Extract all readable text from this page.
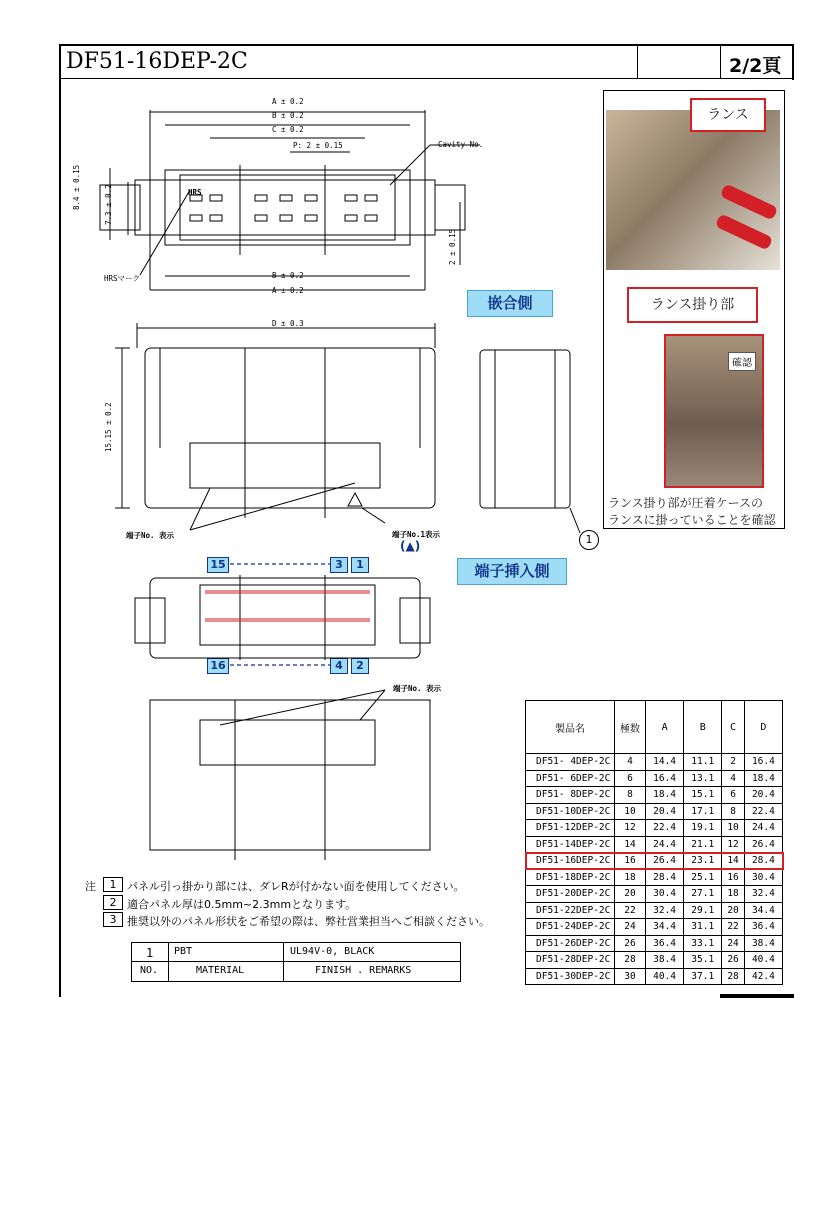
DF51-16DEP-2C	2/2頁
A ± 0.2
B ± 0.2
C ± 0.2
P: 2 ± 0.15	Cavity No.
HRS
8.4 ± 0.15	7.3 ± 0.2
2 ± 0.15
HRSマーク	B ± 0.2
A ± 0.2
嵌合側
D ± 0.3
15.15 ± 0.2
端子No. 表示	端子No.1表示
(▲)	1
端子挿入側
15	3	1
16	4	2
端子No. 表示
ランス
ランス掛り部
確認
ランス掛り部が圧着ケースの
ランスに掛っていることを確認
注	1 パネル引っ掛かり部には、ダレRが付かない面を使用してください。
2 適合パネル厚は0.5mm~2.3mmとなります。
3 推奨以外のパネル形状をご希望の際は、弊社営業担当へご相談ください。
1 PBT	UL94V-0, BLACK
NO.	MATERIAL	FINISH . REMARKS
製品名	極数	A	B	C	D
DF51- 4DEP-2C	4	14.4	11.1	2	16.4
DF51- 6DEP-2C	6	16.4	13.1	4	18.4
DF51- 8DEP-2C	8	18.4	15.1	6	20.4
DF51-10DEP-2C	10	20.4	17.1	8	22.4
DF51-12DEP-2C	12	22.4	19.1	10	24.4
DF51-14DEP-2C	14	24.4	21.1	12	26.4
DF51-16DEP-2C	16	26.4	23.1	14	28.4
DF51-18DEP-2C	18	28.4	25.1	16	30.4
DF51-20DEP-2C	20	30.4	27.1	18	32.4
DF51-22DEP-2C	22	32.4	29.1	20	34.4
DF51-24DEP-2C	24	34.4	31.1	22	36.4
DF51-26DEP-2C	26	36.4	33.1	24	38.4
DF51-28DEP-2C	28	38.4	35.1	26	40.4
DF51-30DEP-2C	30	40.4	37.1	28	42.4
